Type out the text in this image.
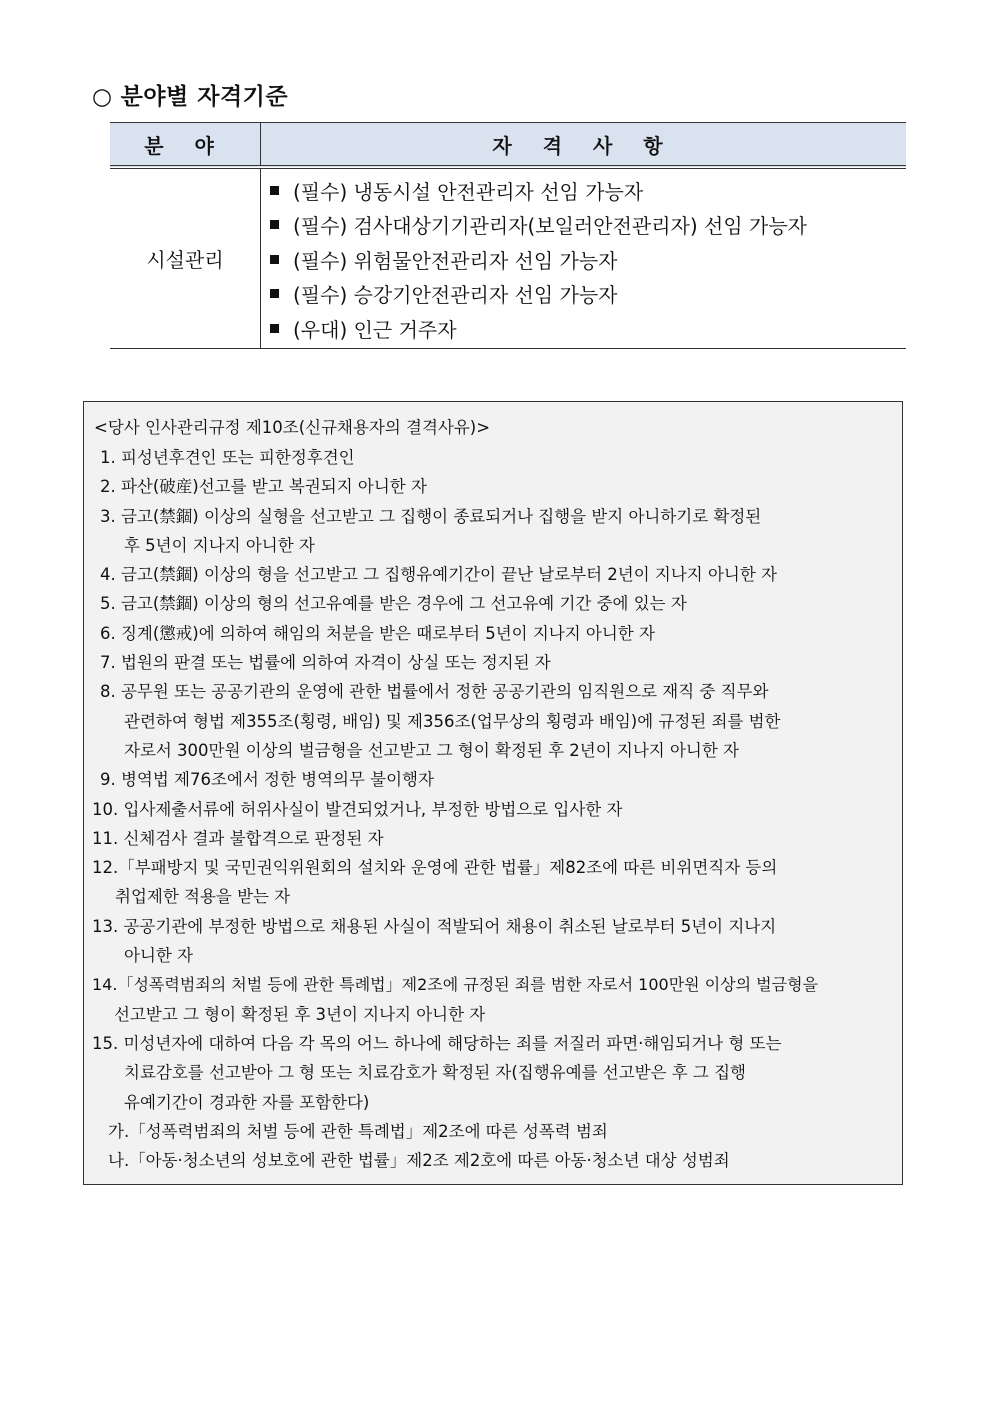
○ 분야별 자격기준
분 야	자 격 사 항
시설관리	(필수) 냉동시설 안전관리자 선임 가능자
(필수) 검사대상기기관리자(보일러안전관리자) 선임 가능자
(필수) 위험물안전관리자 선임 가능자
(필수) 승강기안전관리자 선임 가능자
(우대) 인근 거주자
<당사 인사관리규정 제10조(신규채용자의 결격사유)>
1. 피성년후견인 또는 피한정후견인
2. 파산(破産)선고를 받고 복권되지 아니한 자
3. 금고(禁錮) 이상의 실형을 선고받고 그 집행이 종료되거나 집행을 받지 아니하기로 확정된
후 5년이 지나지 아니한 자
4. 금고(禁錮) 이상의 형을 선고받고 그 집행유예기간이 끝난 날로부터 2년이 지나지 아니한 자
5. 금고(禁錮) 이상의 형의 선고유예를 받은 경우에 그 선고유예 기간 중에 있는 자
6. 징계(懲戒)에 의하여 해임의 처분을 받은 때로부터 5년이 지나지 아니한 자
7. 법원의 판결 또는 법률에 의하여 자격이 상실 또는 정지된 자
8. 공무원 또는 공공기관의 운영에 관한 법률에서 정한 공공기관의 임직원으로 재직 중 직무와
관련하여 형법 제355조(횡령, 배임) 및 제356조(업무상의 횡령과 배임)에 규정된 죄를 범한
자로서 300만원 이상의 벌금형을 선고받고 그 형이 확정된 후 2년이 지나지 아니한 자
9. 병역법 제76조에서 정한 병역의무 불이행자
10. 입사제출서류에 허위사실이 발견되었거나, 부정한 방법으로 입사한 자
11. 신체검사 결과 불합격으로 판정된 자
12.「부패방지 및 국민권익위원회의 설치와 운영에 관한 법률」제82조에 따른 비위면직자 등의
취업제한 적용을 받는 자
13. 공공기관에 부정한 방법으로 채용된 사실이 적발되어 채용이 취소된 날로부터 5년이 지나지
아니한 자
14.「성폭력범죄의 처벌 등에 관한 특례법」제2조에 규정된 죄를 범한 자로서 100만원 이상의 벌금형을
선고받고 그 형이 확정된 후 3년이 지나지 아니한 자
15. 미성년자에 대하여 다음 각 목의 어느 하나에 해당하는 죄를 저질러 파면·해임되거나 형 또는
치료감호를 선고받아 그 형 또는 치료감호가 확정된 자(집행유예를 선고받은 후 그 집행
유예기간이 경과한 자를 포함한다)
가.「성폭력범죄의 처벌 등에 관한 특례법」제2조에 따른 성폭력 범죄
나.「아동·청소년의 성보호에 관한 법률」제2조 제2호에 따른 아동·청소년 대상 성범죄
